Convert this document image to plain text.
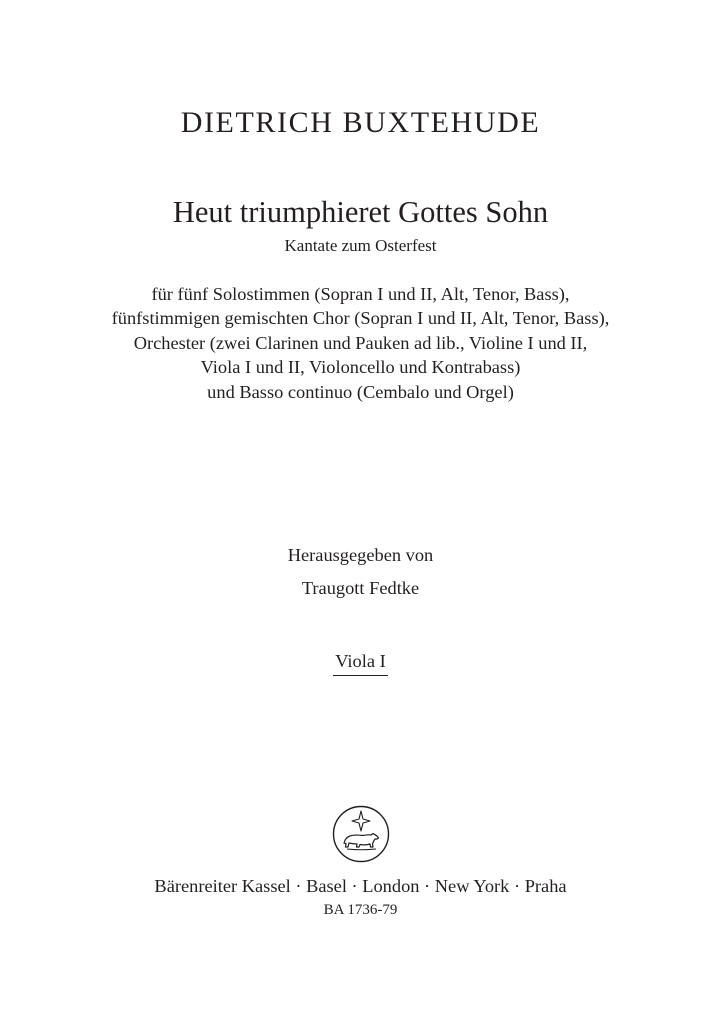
DIETRICH BUXTEHUDE
Heut triumphieret Gottes Sohn
Kantate zum Osterfest
für fünf Solostimmen (Sopran I und II, Alt, Tenor, Bass),
fünfstimmigen gemischten Chor (Sopran I und II, Alt, Tenor, Bass),
Orchester (zwei Clarinen und Pauken ad lib., Violine I und II,
Viola I und II, Violoncello und Kontrabass)
und Basso continuo (Cembalo und Orgel)
Herausgegeben von
Traugott Fedtke
Viola I
Bärenreiter Kassel · Basel · London · New York · Praha
BA 1736-79
